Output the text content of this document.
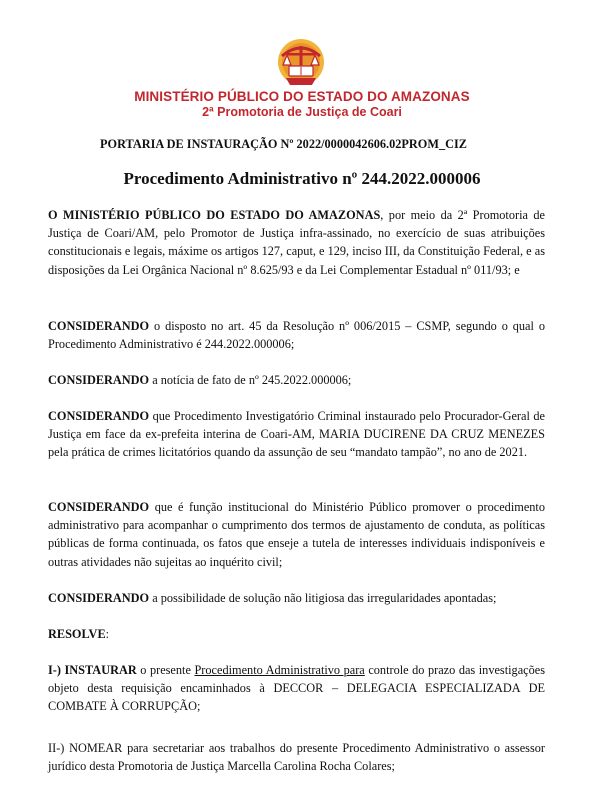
MINISTÉRIO PÚBLICO DO ESTADO DO AMAZONAS
2ª Promotoria de Justiça de Coari
PORTARIA DE INSTAURAÇÃO Nº 2022/0000042606.02PROM_CIZ
Procedimento Administrativo nº 244.2022.000006

O MINISTÉRIO PÚBLICO DO ESTADO DO AMAZONAS, por meio da 2ª Promotoria de Justiça de Coari/AM, pelo Promotor de Justiça infra-assinado, no exercício de suas atribuições constitucionais e legais, máxime os artigos 127, caput, e 129, inciso III, da Constituição Federal, e as disposições da Lei Orgânica Nacional nº 8.625/93 e da Lei Complementar Estadual nº 011/93; e

CONSIDERANDO o disposto no art. 45 da Resolução nº 006/2015 – CSMP, segundo o qual o Procedimento Administrativo é 244.2022.000006;

CONSIDERANDO a notícia de fato de nº 245.2022.000006;

CONSIDERANDO que Procedimento Investigatório Criminal instaurado pelo Procurador-Geral de Justiça em face da ex-prefeita interina de Coari-AM, MARIA DUCIRENE DA CRUZ MENEZES pela prática de crimes licitatórios quando da assunção de seu “mandato tampão”, no ano de 2021.

CONSIDERANDO que é função institucional do Ministério Público promover o procedimento administrativo para acompanhar o cumprimento dos termos de ajustamento de conduta, as políticas públicas de forma continuada, os fatos que enseje a tutela de interesses individuais indisponíveis e outras atividades não sujeitas ao inquérito civil;

CONSIDERANDO a possibilidade de solução não litigiosa das irregularidades apontadas;

RESOLVE:

I-) INSTAURAR o presente Procedimento Administrativo para controle do prazo das investigações objeto desta requisição encaminhados à DECCOR – DELEGACIA ESPECIALIZADA DE COMBATE À CORRUPÇÃO;

II-) NOMEAR para secretariar aos trabalhos do presente Procedimento Administrativo o assessor jurídico desta Promotoria de Justiça Marcella Carolina Rocha Colares;
